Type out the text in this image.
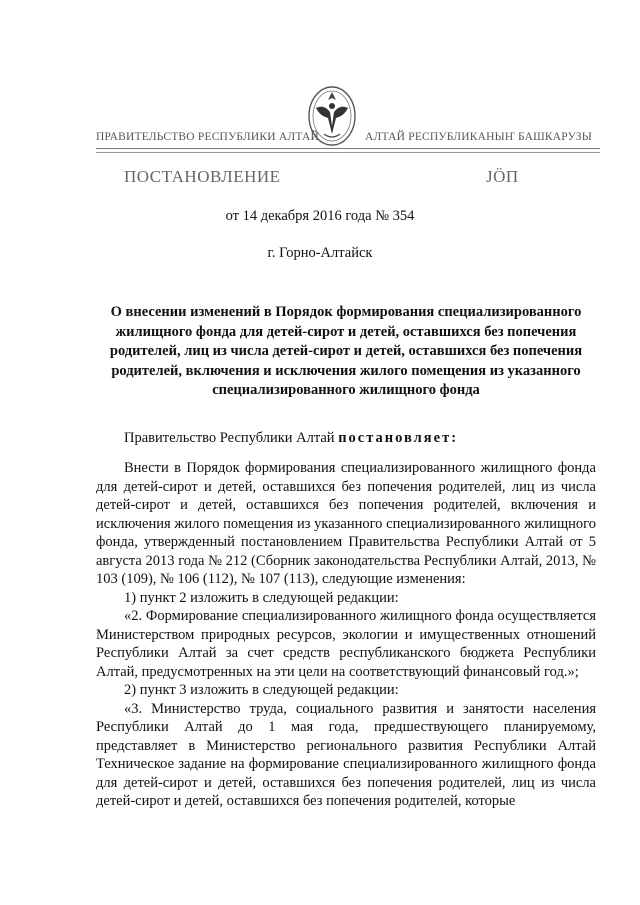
ПРАВИТЕЛЬСТВО РЕСПУБЛИКИ АЛТАЙ	АЛТАЙ РЕСПУБЛИКАНЫҤ БАШКАРУЗЫ
ПОСТАНОВЛЕНИЕ	ЈÖП
от 14 декабря 2016 года № 354
г. Горно-Алтайск
О внесении изменений в Порядок формирования специализированного жилищного фонда для детей-сирот и детей, оставшихся без попечения родителей, лиц из числа детей-сирот и детей, оставшихся без попечения родителей, включения и исключения жилого помещения из указанного специализированного жилищного фонда
Правительство Республики Алтай постановляет:

Внести в Порядок формирования специализированного жилищного фонда для детей-сирот и детей, оставшихся без попечения родителей, лиц из числа детей-сирот и детей, оставшихся без попечения родителей, включения и исключения жилого помещения из указанного специализированного жилищного фонда, утвержденный постановлением Правительства Республики Алтай от 5 августа 2013 года № 212 (Сборник законодательства Республики Алтай, 2013, № 103 (109), № 106 (112), № 107 (113), следующие изменения:

1) пункт 2 изложить в следующей редакции:

«2. Формирование специализированного жилищного фонда осуществляется Министерством природных ресурсов, экологии и имущественных отношений Республики Алтай за счет средств республиканского бюджета Республики Алтай, предусмотренных на эти цели на соответствующий финансовый год.»;

2) пункт 3 изложить в следующей редакции:

«3. Министерство труда, социального развития и занятости населения Республики Алтай до 1 мая года, предшествующего планируемому, представляет в Министерство регионального развития Республики Алтай Техническое задание на формирование специализированного жилищного фонда для детей-сирот и детей, оставшихся без попечения родителей, лиц из числа детей-сирот и детей, оставшихся без попечения родителей, которые
